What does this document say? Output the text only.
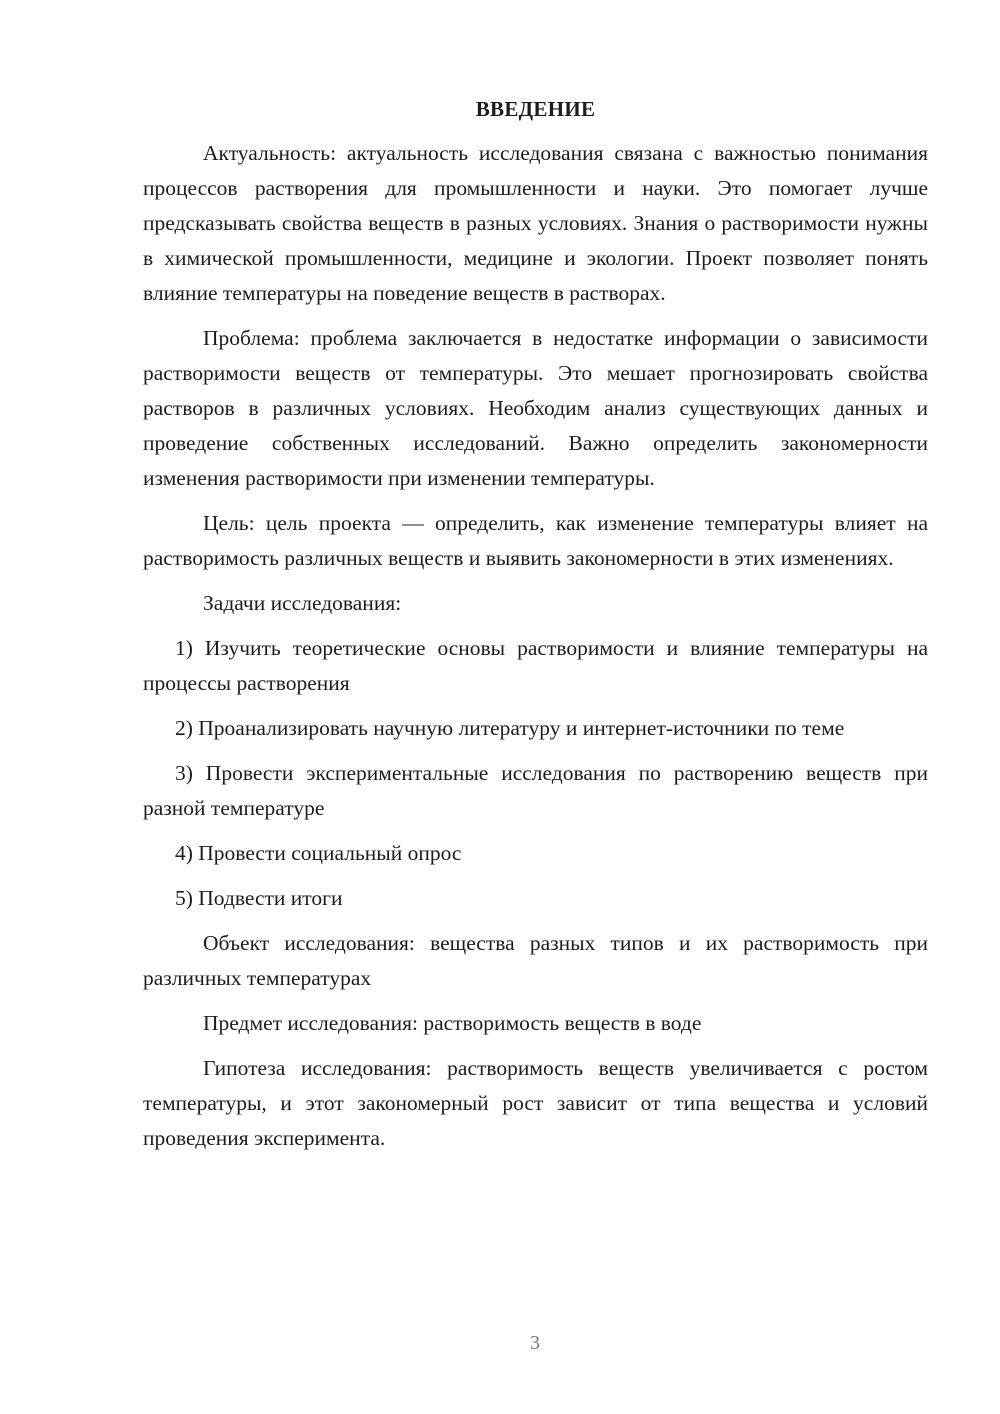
ВВЕДЕНИЕ

Актуальность: актуальность исследования связана с важностью понимания процессов растворения для промышленности и науки. Это помогает лучше предсказывать свойства веществ в разных условиях. Знания о растворимости нужны в химической промышленности, медицине и экологии. Проект позволяет понять влияние температуры на поведение веществ в растворах.

Проблема: проблема заключается в недостатке информации о зависимости растворимости веществ от температуры. Это мешает прогнозировать свойства растворов в различных условиях. Необходим анализ существующих данных и проведение собственных исследований. Важно определить закономерности изменения растворимости при изменении температуры.

Цель: цель проекта — определить, как изменение температуры влияет на растворимость различных веществ и выявить закономерности в этих изменениях.

Задачи исследования:

1) Изучить теоретические основы растворимости и влияние температуры на процессы растворения

2) Проанализировать научную литературу и интернет-источники по теме

3) Провести экспериментальные исследования по растворению веществ при разной температуре

4) Провести социальный опрос

5) Подвести итоги

Объект исследования: вещества разных типов и их растворимость при различных температурах

Предмет исследования: растворимость веществ в воде

Гипотеза исследования: растворимость веществ увеличивается с ростом температуры, и этот закономерный рост зависит от типа вещества и условий проведения эксперимента.

3
